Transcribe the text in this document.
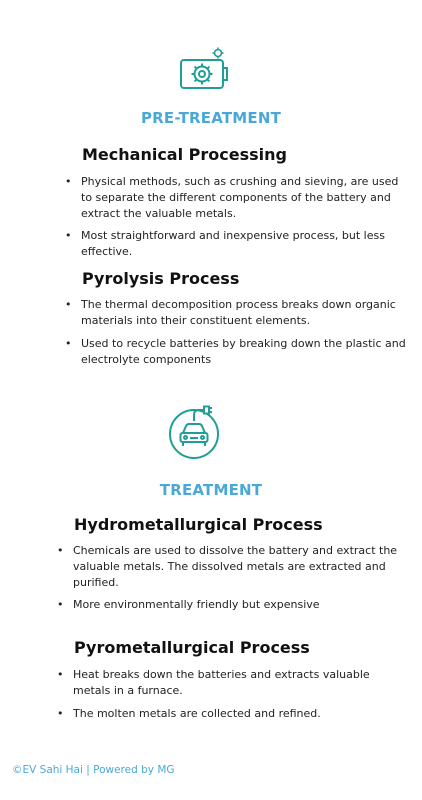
PRE-TREATMENT
Mechanical Processing
• Physical methods, such as crushing and sieving, are used to separate the different components of the battery and extract the valuable metals.
• Most straightforward and inexpensive process, but less effective.
Pyrolysis Process
• The thermal decomposition process breaks down organic materials into their constituent elements.
• Used to recycle batteries by breaking down the plastic and electrolyte components
TREATMENT
Hydrometallurgical Process
• Chemicals are used to dissolve the battery and extract the valuable metals. The dissolved metals are extracted and purified.
• More environmentally friendly but expensive
Pyrometallurgical Process
• Heat breaks down the batteries and extracts valuable metals in a furnace.
• The molten metals are collected and refined.
©EV Sahi Hai | Powered by MG
